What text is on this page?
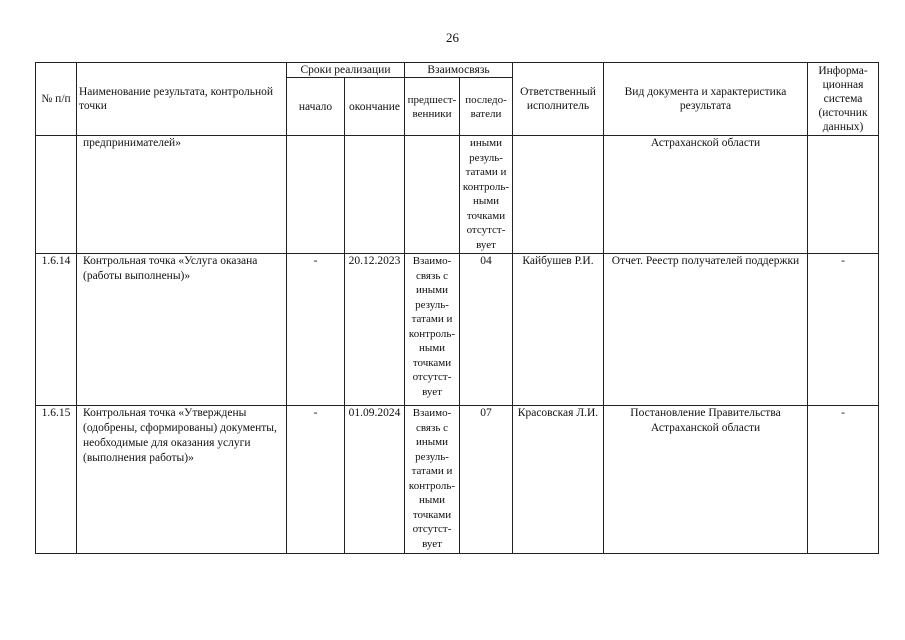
26
№ п/п	Наименование результата, контрольной точки	Сроки реализации		Взаимосвязь		Ответственный исполнитель	Вид документа и характеристика результата	Информа-ционная система (источник данных)
		начало	окончание	предшест-венники	последо-ватели			
	предпринимателей»				иными резуль-татами и контроль-ными точками отсутст-вует		Астраханской области	
1.6.14	Контрольная точка «Услуга оказана (работы выполнены)»	-	20.12.2023	Взаимо-связь с иными резуль-татами и контроль-ными точками отсутст-вует	04	Кайбушев Р.И.	Отчет. Реестр получателей поддержки	-
1.6.15	Контрольная точка «Утверждены (одобрены, сформированы) документы, необходимые для оказания услуги (выполнения работы)»	-	01.09.2024	Взаимо-связь с иными резуль-татами и контроль-ными точками отсутст-вует	07	Красовская Л.И.	Постановление Правительства Астраханской области	-
